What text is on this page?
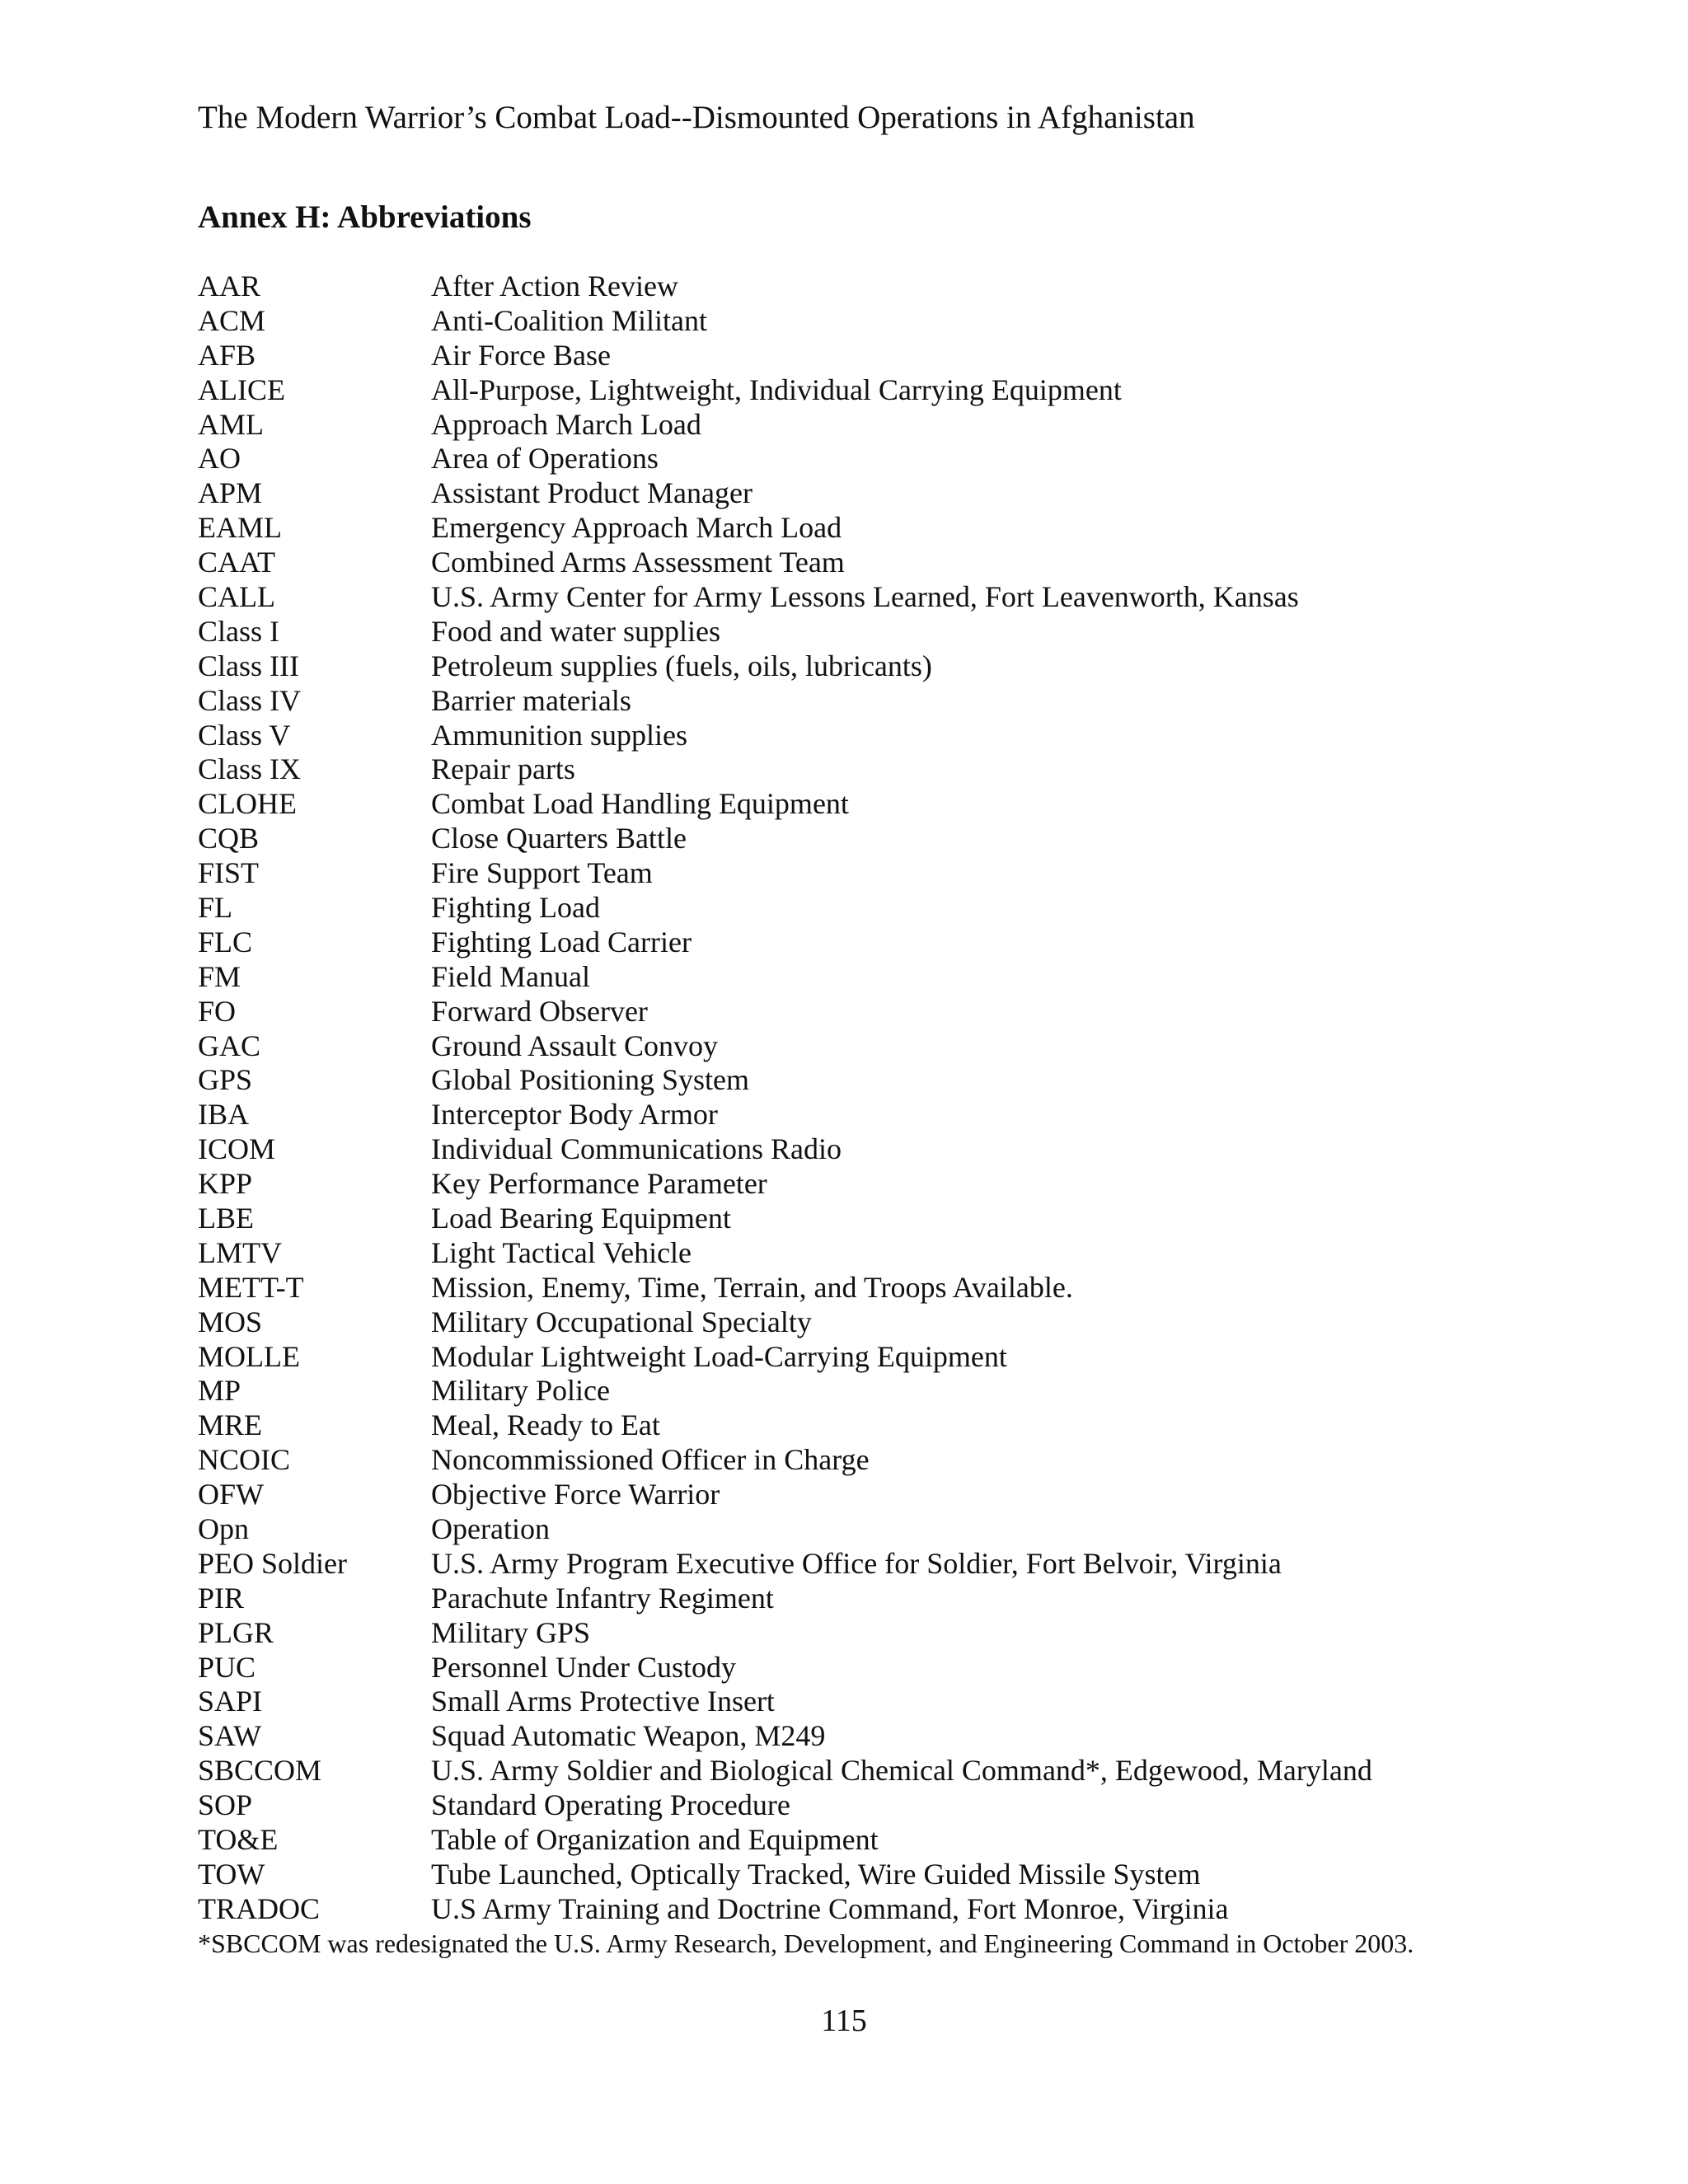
The Modern Warrior’s Combat Load--Dismounted Operations in Afghanistan
Annex H: Abbreviations
AAR	After Action Review
ACM	Anti-Coalition Militant
AFB	Air Force Base
ALICE	All-Purpose, Lightweight, Individual Carrying Equipment
AML	Approach March Load
AO	Area of Operations
APM	Assistant Product Manager
EAML	Emergency Approach March Load
CAAT	Combined Arms Assessment Team
CALL	U.S. Army Center for Army Lessons Learned, Fort Leavenworth, Kansas
Class I	Food and water supplies
Class III	Petroleum supplies (fuels, oils, lubricants)
Class IV	Barrier materials
Class V	Ammunition supplies
Class IX	Repair parts
CLOHE	Combat Load Handling Equipment
CQB	Close Quarters Battle
FIST	Fire Support Team
FL	Fighting Load
FLC	Fighting Load Carrier
FM	Field Manual
FO	Forward Observer
GAC	Ground Assault Convoy
GPS	Global Positioning System
IBA	Interceptor Body Armor
ICOM	Individual Communications Radio
KPP	Key Performance Parameter
LBE	Load Bearing Equipment
LMTV	Light Tactical Vehicle
METT-T	Mission, Enemy, Time, Terrain, and Troops Available.
MOS	Military Occupational Specialty
MOLLE	Modular Lightweight Load-Carrying Equipment
MP	Military Police
MRE	Meal, Ready to Eat
NCOIC	Noncommissioned Officer in Charge
OFW	Objective Force Warrior
Opn	Operation
PEO Soldier	U.S. Army Program Executive Office for Soldier, Fort Belvoir, Virginia
PIR	Parachute Infantry Regiment
PLGR	Military GPS
PUC	Personnel Under Custody
SAPI	Small Arms Protective Insert
SAW	Squad Automatic Weapon, M249
SBCCOM	U.S. Army Soldier and Biological Chemical Command*, Edgewood, Maryland
SOP	Standard Operating Procedure
TO&E	Table of Organization and Equipment
TOW	Tube Launched, Optically Tracked, Wire Guided Missile System
TRADOC	U.S Army Training and Doctrine Command, Fort Monroe, Virginia
*SBCCOM was redesignated the U.S. Army Research, Development, and Engineering Command in October 2003.
115
